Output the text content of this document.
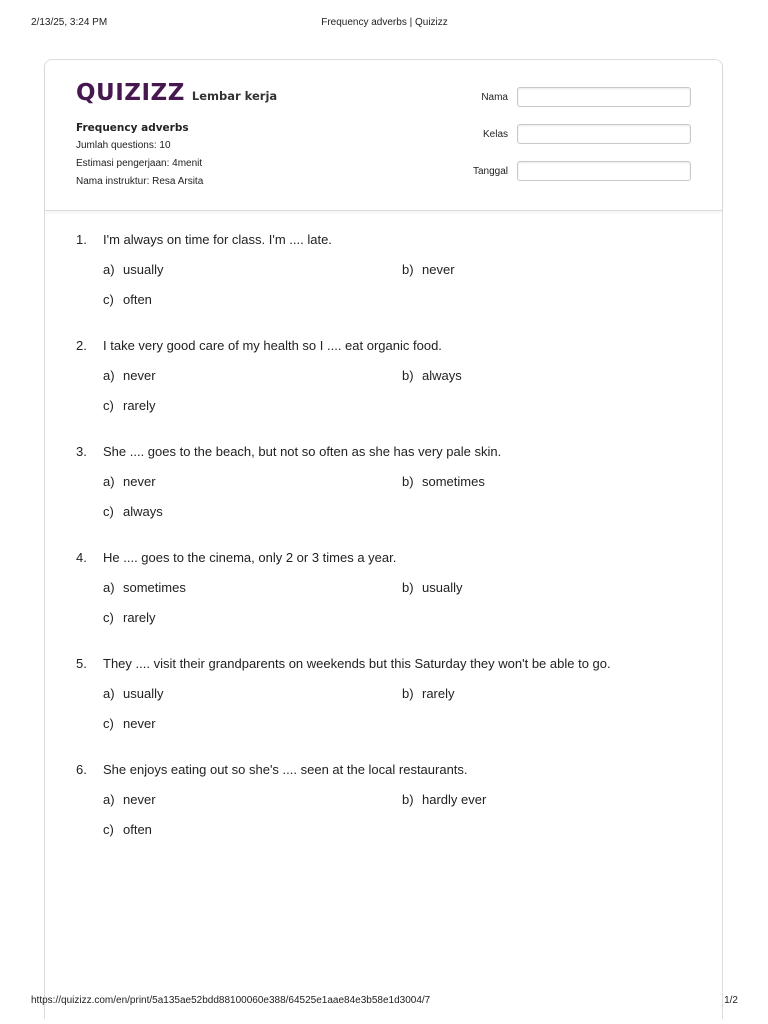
2/13/25, 3:24 PM	Frequency adverbs | Quizizz
QUIZIZZ Lembar kerja
Frequency adverbs
Jumlah questions: 10
Estimasi pengerjaan: 4menit
Nama instruktur: Resa Arsita
Nama
Kelas
Tanggal
1.	I'm always on time for class. I'm .... late.
a) usually	b) never
c) often
2.	I take very good care of my health so I .... eat organic food.
a) never	b) always
c) rarely
3.	She .... goes to the beach, but not so often as she has very pale skin.
a) never	b) sometimes
c) always
4.	He .... goes to the cinema, only 2 or 3 times a year.
a) sometimes	b) usually
c) rarely
5.	They .... visit their grandparents on weekends but this Saturday they won't be able to go.
a) usually	b) rarely
c) never
6.	She enjoys eating out so she's .... seen at the local restaurants.
a) never	b) hardly ever
c) often
https://quizizz.com/en/print/5a135ae52bdd88100060e388/64525e1aae84e3b58e1d3004/7	1/2
